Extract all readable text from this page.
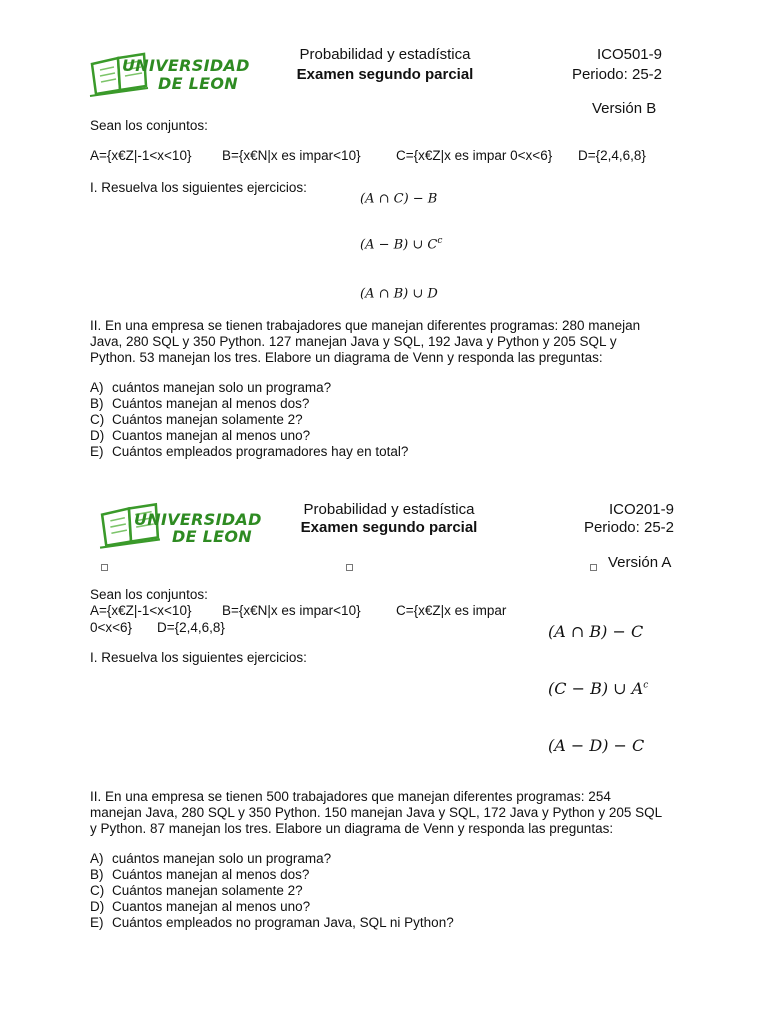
UNIVERSIDAD
DE LEON
Probabilidad y estadística
Examen segundo parcial
ICO501-9
Periodo: 25-2
Versión B
Sean los conjuntos:
A={x€Z|-1<x<10} B={x€N|x es impar<10}	C={x€Z|x es impar 0<x<6} D={2,4,6,8}
I. Resuelva los siguientes ejercicios:
(A ∩ C) − B
(A − B) ∪ $C^c$
(A ∩ B) ∪ D
II. En una empresa se tienen trabajadores que manejan diferentes programas: 280 manejan
Java, 280 SQL y 350 Python. 127 manejan Java y SQL, 192 Java y Python y 205 SQL y
Python. 53 manejan los tres. Elabore un diagrama de Venn y responda las preguntas:
A) cuántos manejan solo un programa?
B) Cuántos manejan al menos dos?
C) Cuántos manejan solamente 2?
D) Cuantos manejan al menos uno?
E) Cuántos empleados programadores hay en total?
UNIVERSIDAD
DE LEON
Probabilidad y estadística
Examen segundo parcial
ICO201-9
Periodo: 25-2
Versión A
Sean los conjuntos:
A={x€Z|-1<x<10} B={x€N|x es impar<10}	C={x€Z|x es impar
0<x<6} D={2,4,6,8}
I. Resuelva los siguientes ejercicios:
(A ∩ B) − C
(C − B) ∪ $A^c$
(A − D) − C
II. En una empresa se tienen 500 trabajadores que manejan diferentes programas: 254
manejan Java, 280 SQL y 350 Python. 150 manejan Java y SQL, 172 Java y Python y 205 SQL
y Python. 87 manejan los tres. Elabore un diagrama de Venn y responda las preguntas:
A) cuántos manejan solo un programa?
B) Cuántos manejan al menos dos?
C) Cuántos manejan solamente 2?
D) Cuantos manejan al menos uno?
E) Cuántos empleados no programan Java, SQL ni Python?
